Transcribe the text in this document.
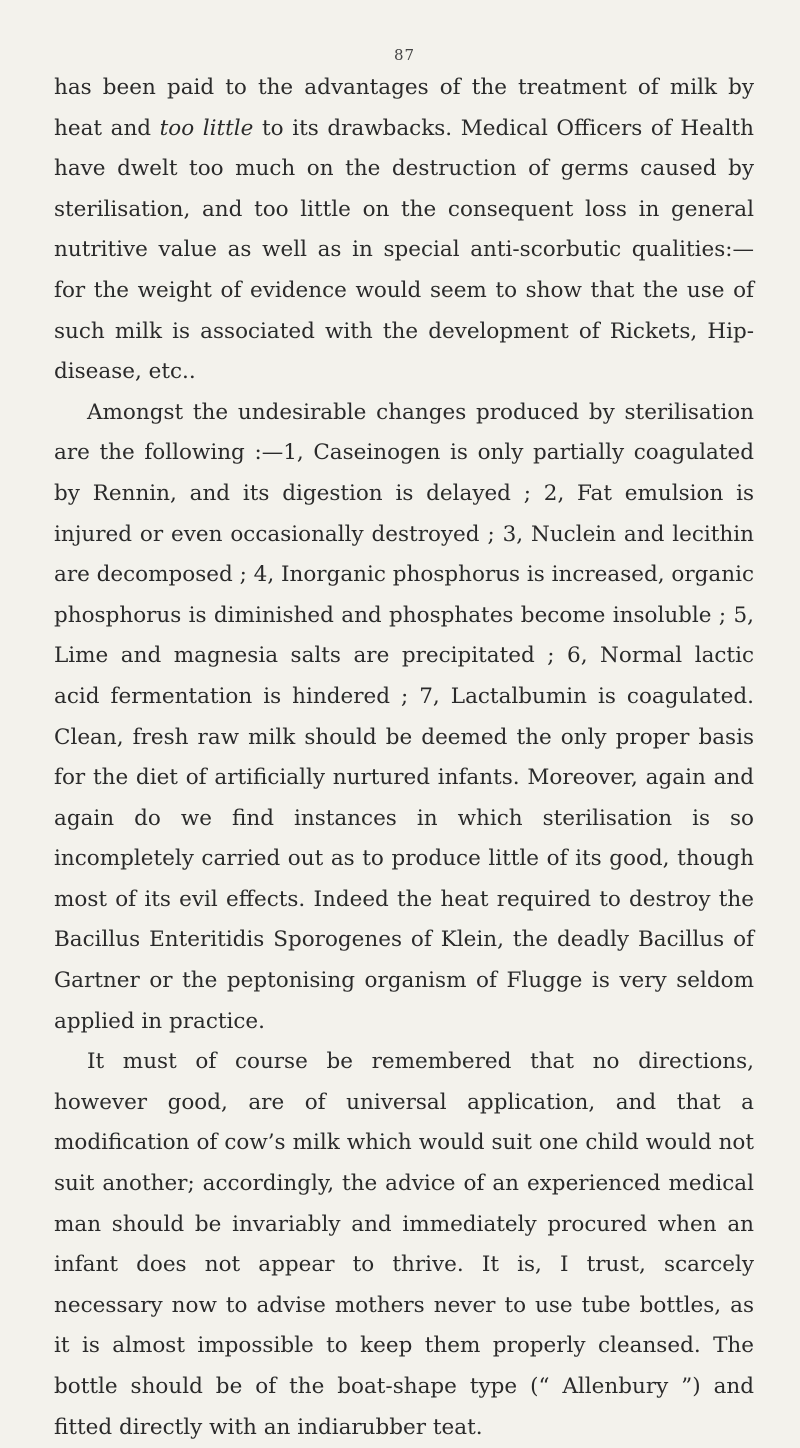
87

has been paid to the advantages of the treatment of milk by heat and too little to its drawbacks. Medical Officers of Health have dwelt too much on the destruction of germs caused by sterilisation, and too little on the consequent loss in general nutritive value as well as in special anti-scorbutic qualities:—for the weight of evidence would seem to show that the use of such milk is associated with the development of Rickets, Hip-disease, etc..

Amongst the undesirable changes produced by sterilisation are the following :—1, Caseinogen is only partially coagulated by Rennin, and its digestion is delayed ; 2, Fat emulsion is injured or even occasionally destroyed ; 3, Nuclein and lecithin are decomposed ; 4, Inorganic phosphorus is increased, organic phosphorus is diminished and phosphates become insoluble ; 5, Lime and magnesia salts are precipitated ; 6, Normal lactic acid fermentation is hindered ; 7, Lactalbumin is coagulated. Clean, fresh raw milk should be deemed the only proper basis for the diet of artificially nurtured infants. Moreover, again and again do we find instances in which sterilisation is so incompletely carried out as to produce little of its good, though most of its evil effects. Indeed the heat required to destroy the Bacillus Enteritidis Sporogenes of Klein, the deadly Bacillus of Gartner or the peptonising organism of Flugge is very seldom applied in practice.

It must of course be remembered that no directions, however good, are of universal application, and that a modification of cow’s milk which would suit one child would not suit another; accordingly, the advice of an experienced medical man should be invariably and immediately procured when an infant does not appear to thrive. It is, I trust, scarcely necessary now to advise mothers never to use tube bottles, as it is almost impossible to keep them properly cleansed. The bottle should be of the boat-shape type (“ Allenbury ”) and fitted directly with an indiarubber teat.
